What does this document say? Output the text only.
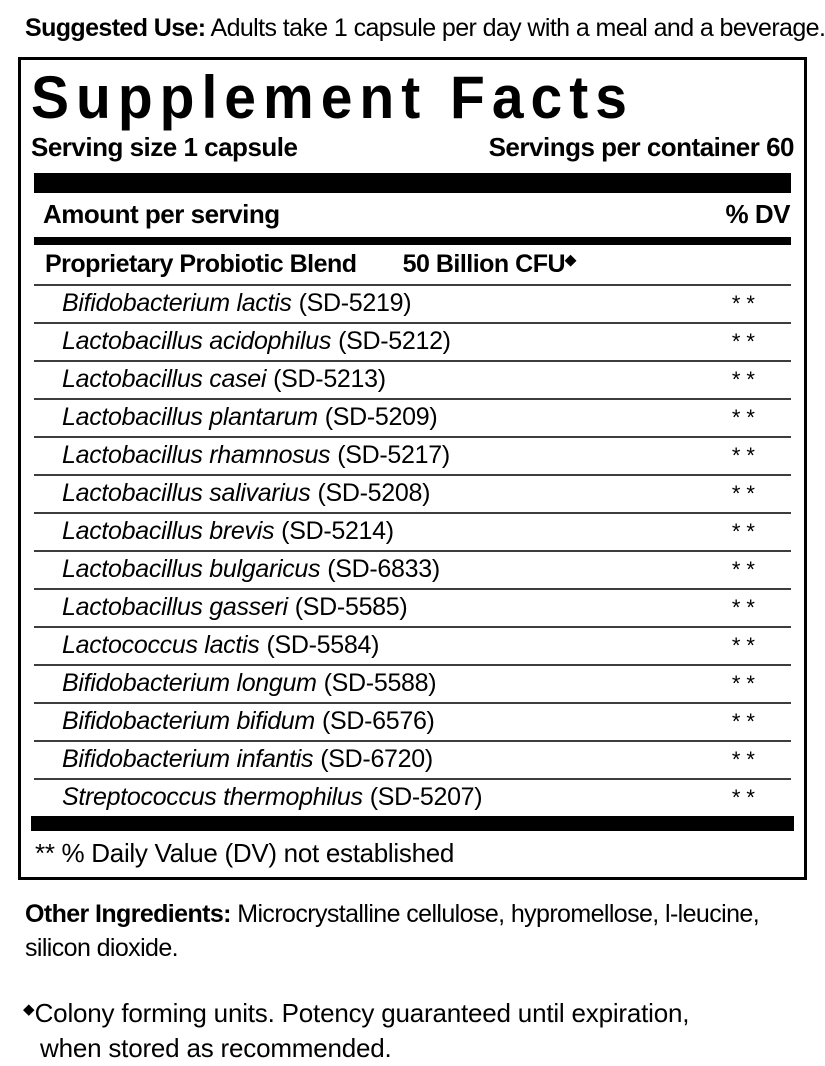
Suggested Use: Adults take 1 capsule per day with a meal and a beverage.

Supplement Facts
Serving size 1 capsule	Servings per container 60
Amount per serving	% DV
Proprietary Probiotic Blend 50 Billion CFU◆
Bifidobacterium lactis (SD-5219)	**
Lactobacillus acidophilus (SD-5212)	**
Lactobacillus casei (SD-5213)	**
Lactobacillus plantarum (SD-5209)	**
Lactobacillus rhamnosus (SD-5217)	**
Lactobacillus salivarius (SD-5208)	**
Lactobacillus brevis (SD-5214)	**
Lactobacillus bulgaricus (SD-6833)	**
Lactobacillus gasseri (SD-5585)	**
Lactococcus lactis (SD-5584)	**
Bifidobacterium longum (SD-5588)	**
Bifidobacterium bifidum (SD-6576)	**
Bifidobacterium infantis (SD-6720)	**
Streptococcus thermophilus (SD-5207)	**
** % Daily Value (DV) not established

Other Ingredients: Microcrystalline cellulose, hypromellose, l-leucine,
silicon dioxide.

◆Colony forming units. Potency guaranteed until expiration,
when stored as recommended.
